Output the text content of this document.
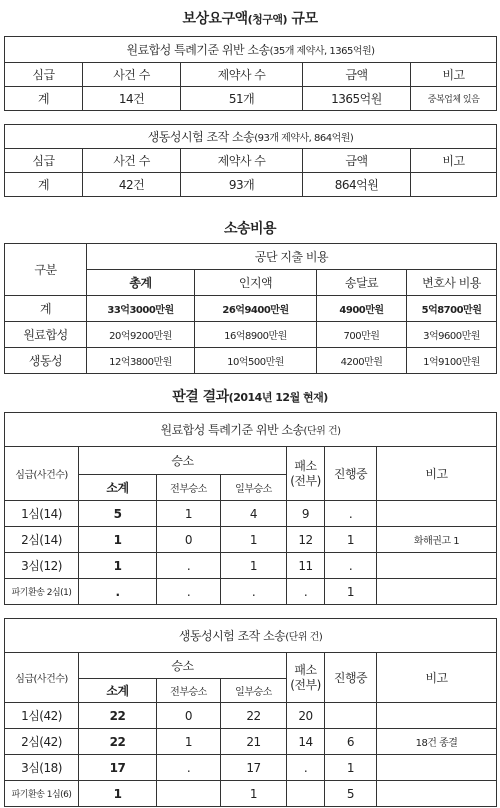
보상요구액(청구액) 규모
원료합성 특례기준 위반 소송(35개 제약사, 1365억원)				
심급	사건 수	제약사 수	금액	비고
계	14건	51개	1365억원	중복업체 있음
생동성시험 조작 소송(93개 제약사, 864억원)				
심급	사건 수	제약사 수	금액	비고
계	42건	93개	864억원	
소송비용
구분	공단 지출 비용			
	총계	인지액	송달료	변호사 비용
계	33억3000만원	26억9400만원	4900만원	5억8700만원
원료합성	20억9200만원	16억8900만원	700만원	3억9600만원
생동성	12억3800만원	10억500만원	4200만원	1억9100만원
판결 결과(2014년 12월 현재)
원료합성 특례기준 위반 소송(단위 건)						
심급(사건수)	승소			패소
(전부)	진행중	비고
	소계	전부승소	일부승소			
1심(14)	5	1	4	9	.	
2심(14)	1	0	1	12	1	화해권고 1
3심(12)	1	.	1	11	.	
파기환송 2심(1)	.	.	.	.	1	
생동성시험 조작 소송(단위 건)						
심급(사건수)	승소			패소
(전부)	진행중	비고
	소계	전부승소	일부승소			
1심(42)	22	0	22	20		
2심(42)	22	1	21	14	6	18건 종결
3심(18)	17	.	17	.	1	
파기환송 1심(6)	1		1		5	
